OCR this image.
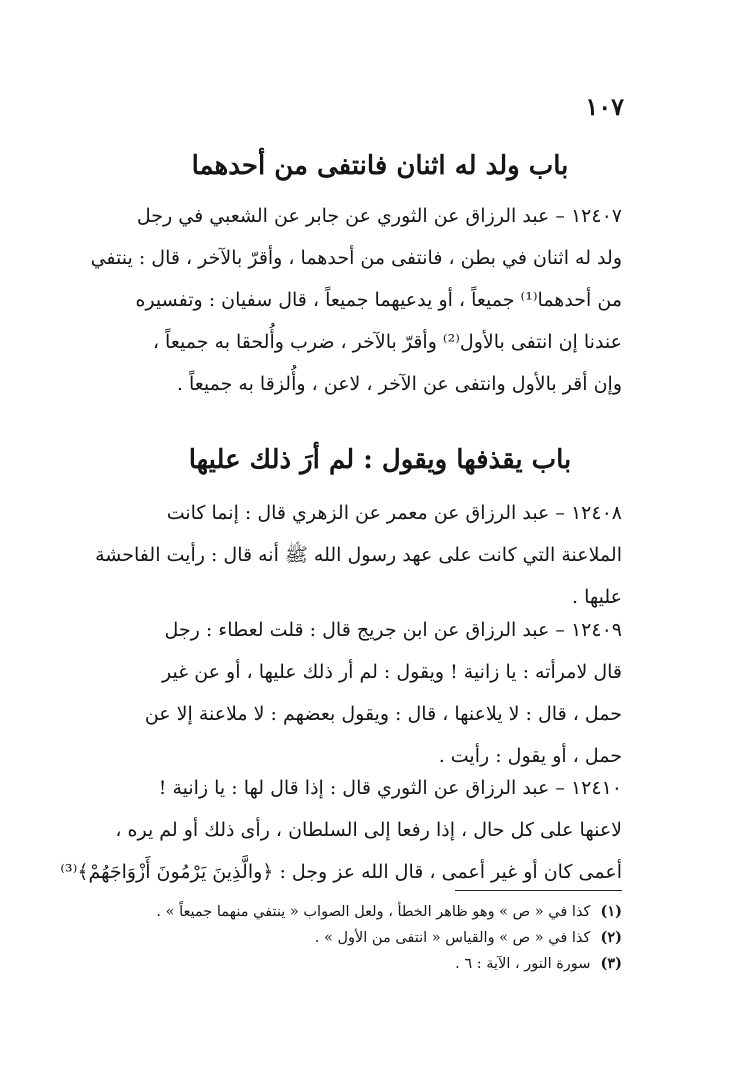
١٠٧
باب ولد له اثنان فانتفى من أحدهما
١٢٤٠٧ – عبد الرزاق عن الثوري عن جابر عن الشعبي في رجل
ولد له اثنان في بطن ، فانتفى من أحدهما ، وأقرّ بالآخر ، قال : ينتفي
من أحدهما⁽¹⁾ جميعاً ، أو يدعيهما جميعاً ، قال سفيان : وتفسيره
عندنا إن انتفى بالأول⁽²⁾ وأقرّ بالآخر ، ضرب وأُلحقا به جميعاً ،
وإن أقر بالأول وانتفى عن الآخر ، لاعن ، وأُلزقا به جميعاً .
باب يقذفها ويقول : لم أرَ ذلك عليها
١٢٤٠٨ – عبد الرزاق عن معمر عن الزهري قال : إنما كانت
الملاعنة التي كانت على عهد رسول الله ﷺ أنه قال : رأيت الفاحشة
عليها .
١٢٤٠٩ – عبد الرزاق عن ابن جريج قال : قلت لعطاء : رجل
قال لامرأته : يا زانية ! ويقول : لم أر ذلك عليها ، أو عن غير
حمل ، قال : لا يلاعنها ، قال : ويقول بعضهم : لا ملاعنة إلا عن
حمل ، أو يقول : رأيت .
١٢٤١٠ – عبد الرزاق عن الثوري قال : إذا قال لها : يا زانية !
لاعنها على كل حال ، إذا رفعا إلى السلطان ، رأى ذلك أو لم يره ،
أعمى كان أو غير أعمى ، قال الله عز وجل : ﴿والَّذِينَ يَرْمُونَ أَزْوَاجَهُمْ﴾⁽³⁾
(١)كذا في « ص » وهو ظاهر الخطأ ، ولعل الصواب « ينتفي منهما جميعاً » .
(٢)كذا في « ص » والقياس « انتفى من الأول » .
(٣)سورة النور ، الآية : ٦ .
